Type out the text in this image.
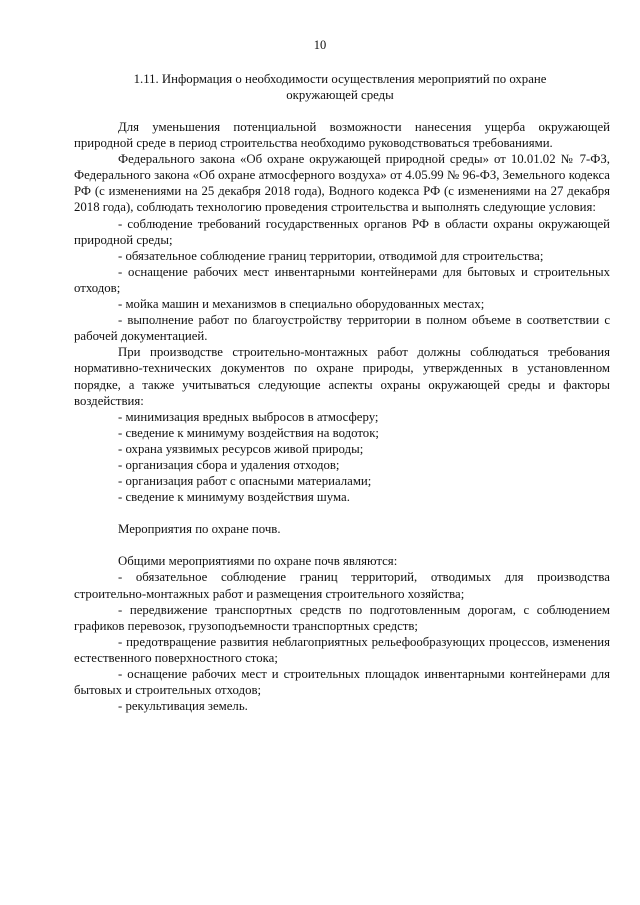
10
1.11. Информация о необходимости осуществления мероприятий по охране окружающей среды

Для уменьшения потенциальной возможности нанесения ущерба окружающей природной среде в период строительства необходимо руководствоваться требованиями.

Федерального закона «Об охране окружающей природной среды» от 10.01.02 № 7-ФЗ, Федерального закона «Об охране атмосферного воздуха» от 4.05.99 № 96-ФЗ, Земельного кодекса РФ (с изменениями на 25 декабря 2018 года), Водного кодекса РФ (с изменениями на 27 декабря 2018 года), соблюдать технологию проведения строительства и выполнять следующие условия:

- соблюдение требований государственных органов РФ в области охраны окружающей природной среды;

- обязательное соблюдение границ территории, отводимой для строительства;

- оснащение рабочих мест инвентарными контейнерами для бытовых и строительных отходов;

- мойка машин и механизмов в специально оборудованных местах;

- выполнение работ по благоустройству территории в полном объеме в соответствии с рабочей документацией.

При производстве строительно-монтажных работ должны соблюдаться требования нормативно-технических документов по охране природы, утвержденных в установленном порядке, а также учитываться следующие аспекты охраны окружающей среды и факторы воздействия:

- минимизация вредных выбросов в атмосферу;

- сведение к минимуму воздействия на водоток;

- охрана уязвимых ресурсов живой природы;

- организация сбора и удаления отходов;

- организация работ с опасными материалами;

- сведение к минимуму воздействия шума.

Мероприятия по охране почв.

Общими мероприятиями по охране почв являются:

- обязательное соблюдение границ территорий, отводимых для производства строительно-монтажных работ и размещения строительного хозяйства;

- передвижение транспортных средств по подготовленным дорогам, с соблюдением графиков перевозок, грузоподъемности транспортных средств;

- предотвращение развития неблагоприятных рельефообразующих процессов, изменения естественного поверхностного стока;

- оснащение рабочих мест и строительных площадок инвентарными контейнерами для бытовых и строительных отходов;

- рекультивация земель.
